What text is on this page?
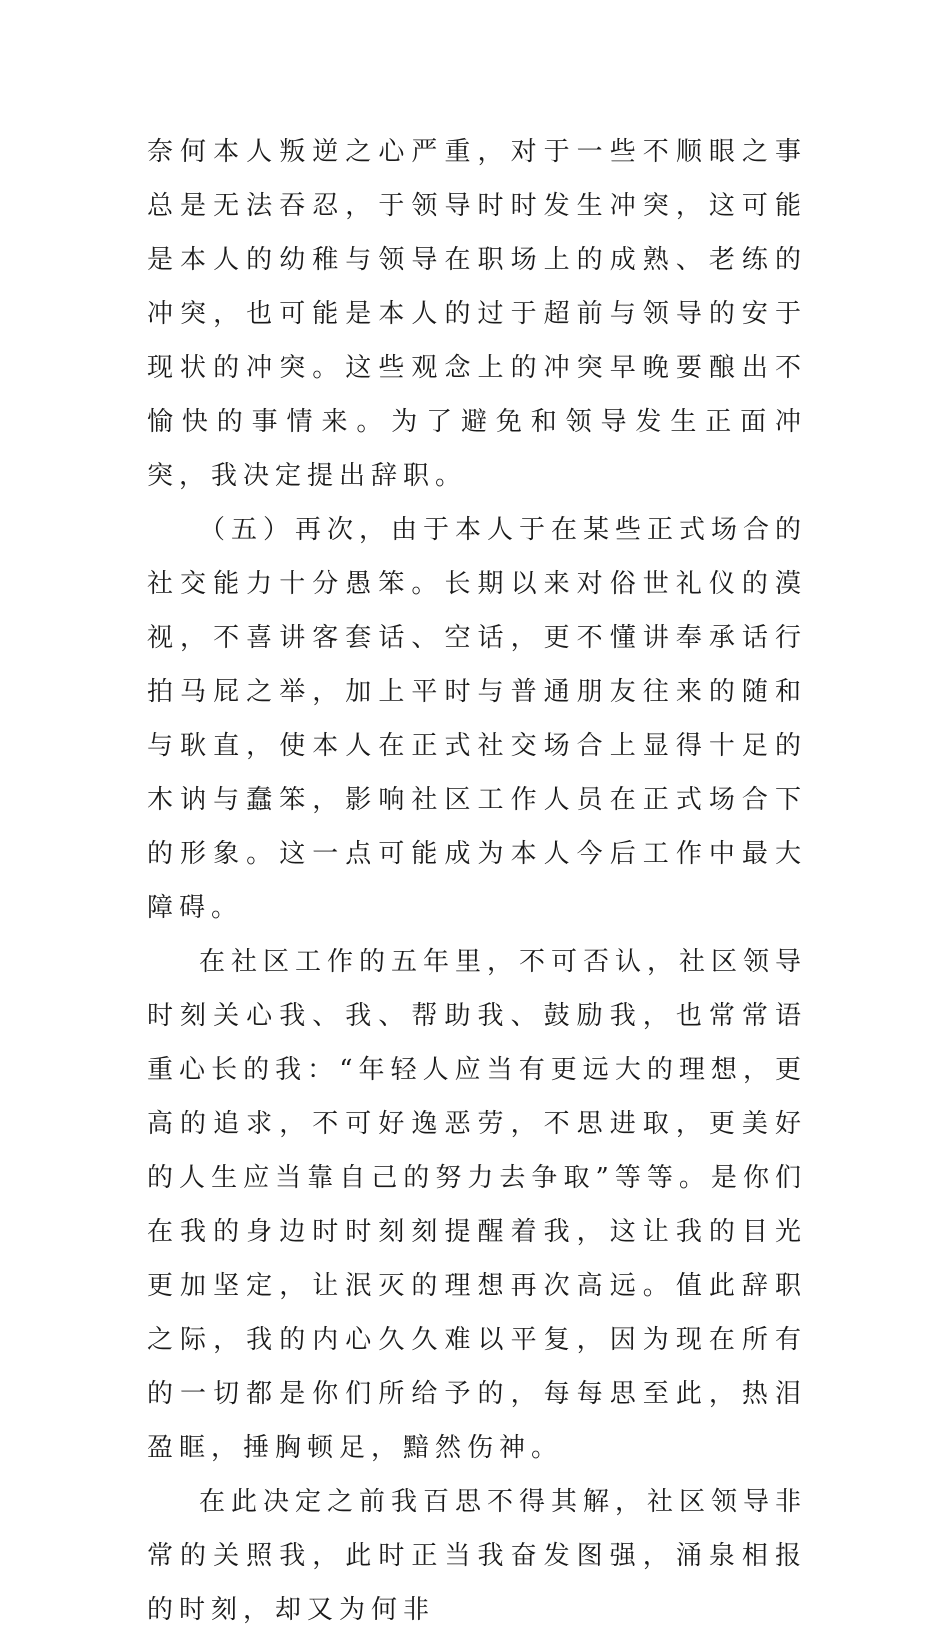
奈何本人叛逆之心严重，对于一些不顺眼之事总是无法吞忍，于领导时时发生冲突，这可能是本人的幼稚与领导在职场上的成熟、老练的冲突，也可能是本人的过于超前与领导的安于现状的冲突。这些观念上的冲突早晚要酿出不愉快的事情来。为了避免和领导发生正面冲突，我决定提出辞职。

（五）再次，由于本人于在某些正式场合的社交能力十分愚笨。长期以来对俗世礼仪的漠视，不喜讲客套话、空话，更不懂讲奉承话行拍马屁之举，加上平时与普通朋友往来的随和与耿直，使本人在正式社交场合上显得十足的木讷与蠢笨，影响社区工作人员在正式场合下的形象。这一点可能成为本人今后工作中最大障碍。

在社区工作的五年里，不可否认，社区领导时刻关心我、我、帮助我、鼓励我，也常常语重心长的我：“年轻人应当有更远大的理想，更高的追求，不可好逸恶劳，不思进取，更美好的人生应当靠自己的努力去争取”等等。是你们在我的身边时时刻刻提醒着我，这让我的目光更加坚定，让泯灭的理想再次高远。值此辞职之际，我的内心久久难以平复，因为现在所有的一切都是你们所给予的，每每思至此，热泪盈眶，捶胸顿足，黯然伤神。

在此决定之前我百思不得其解，社区领导非常的关照我，此时正当我奋发图强，涌泉相报的时刻，却又为何非
